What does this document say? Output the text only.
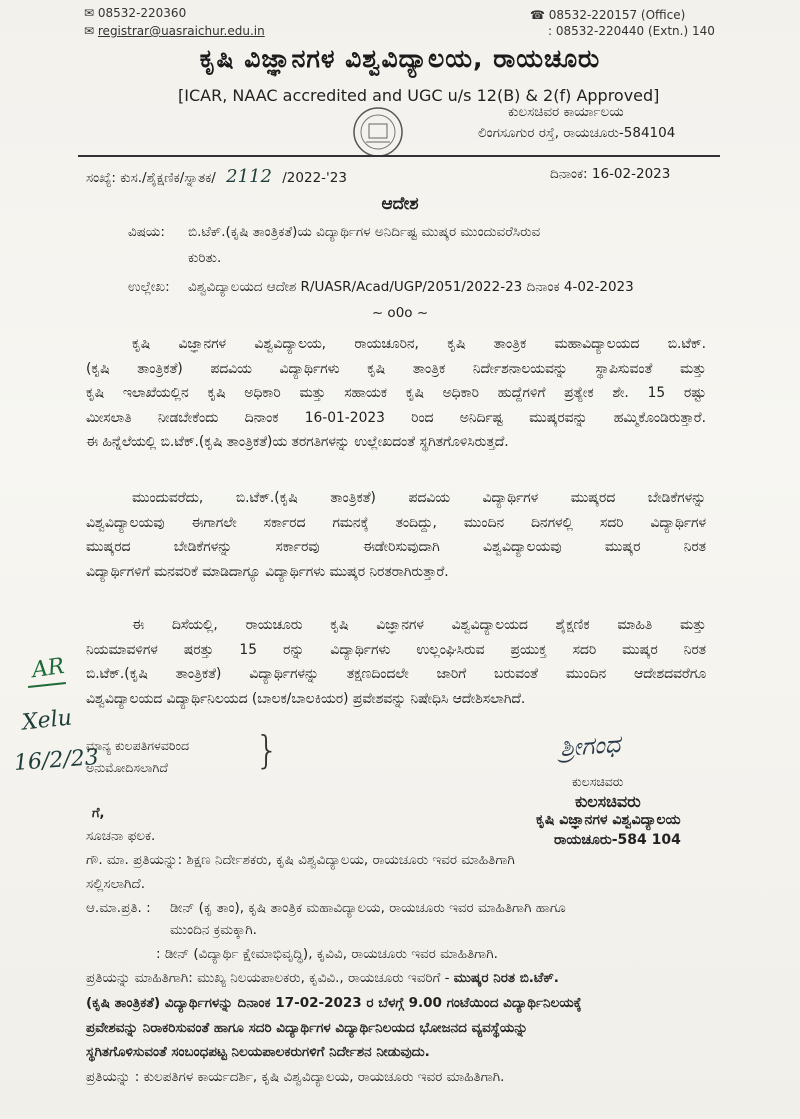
✉ 08532-220360
✉ registrar@uasraichur.edu.in
☎ 08532-220157 (Office)
: 08532-220440 (Extn.) 140
ಕೃಷಿ ವಿಜ್ಞಾನಗಳ ವಿಶ್ವವಿದ್ಯಾಲಯ, ರಾಯಚೂರು
[ICAR, NAAC accredited and UGC u/s 12(B) & 2(f) Approved]
ಕುಲಸಚಿವರ ಕಾರ್ಯಾಲಯ
ಲಿಂಗಸೂಗುರ ರಸ್ತೆ, ರಾಯಚೂರು-584104
ಸಂಖ್ಯೆ: ಕುಸ./ಶೈಕ್ಷಣಿಕ/ಸ್ನಾತಕ/ 2112 /2022-'23	ದಿನಾಂಕ: 16-02-2023
ಆದೇಶ
ವಿಷಯ: ಬಿ.ಟೆಕ್.(ಕೃಷಿ ತಾಂತ್ರಿಕತೆ)ಯ ವಿದ್ಯಾರ್ಥಿಗಳ ಅನಿರ್ದಿಷ್ಟ ಮುಷ್ಕರ ಮುಂದುವರೆಸಿರುವ
ಕುರಿತು.
ಉಲ್ಲೇಖ: ವಿಶ್ವವಿದ್ಯಾಲಯದ ಆದೇಶ R/UASR/Acad/UGP/2051/2022-23 ದಿನಾಂಕ 4-02-2023
~ o0o ~
ಕೃಷಿ ವಿಜ್ಞಾನಗಳ ವಿಶ್ವವಿದ್ಯಾಲಯ, ರಾಯಚೂರಿನ, ಕೃಷಿ ತಾಂತ್ರಿಕ ಮಹಾವಿದ್ಯಾಲಯದ ಬಿ.ಟೆಕ್.
(ಕೃಷಿ ತಾಂತ್ರಿಕತೆ) ಪದವಿಯ ವಿದ್ಯಾರ್ಥಿಗಳು ಕೃಷಿ ತಾಂತ್ರಿಕ ನಿರ್ದೇಶನಾಲಯವನ್ನು ಸ್ಥಾಪಿಸುವಂತೆ ಮತ್ತು
ಕೃಷಿ ಇಲಾಖೆಯಲ್ಲಿನ ಕೃಷಿ ಅಧಿಕಾರಿ ಮತ್ತು ಸಹಾಯಕ ಕೃಷಿ ಅಧಿಕಾರಿ ಹುದ್ದೆಗಳಿಗೆ ಪ್ರತ್ಯೇಕ ಶೇ. 15 ರಷ್ಟು
ಮೀಸಲಾತಿ ನೀಡಬೇಕೆಂದು ದಿನಾಂಕ 16-01-2023 ರಿಂದ ಅನಿರ್ದಿಷ್ಟ ಮುಷ್ಕರವನ್ನು ಹಮ್ಮಿಕೊಂಡಿರುತ್ತಾರೆ.
ಈ ಹಿನ್ನೆಲೆಯಲ್ಲಿ ಬಿ.ಟೆಕ್.(ಕೃಷಿ ತಾಂತ್ರಿಕತೆ)ಯ ತರಗತಿಗಳನ್ನು ಉಲ್ಲೇಖದಂತೆ ಸ್ಥಗಿತಗೊಳಿಸಿರುತ್ತದೆ.
ಮುಂದುವರೆದು, ಬಿ.ಟೆಕ್.(ಕೃಷಿ ತಾಂತ್ರಿಕತೆ) ಪದವಿಯ ವಿದ್ಯಾರ್ಥಿಗಳ ಮುಷ್ಕರದ ಬೇಡಿಕೆಗಳನ್ನು
ವಿಶ್ವವಿದ್ಯಾಲಯವು ಈಗಾಗಲೇ ಸರ್ಕಾರದ ಗಮನಕ್ಕೆ ತಂದಿದ್ದು, ಮುಂದಿನ ದಿನಗಳಲ್ಲಿ ಸದರಿ ವಿದ್ಯಾರ್ಥಿಗಳ
ಮುಷ್ಕರದ ಬೇಡಿಕೆಗಳನ್ನು ಸರ್ಕಾರವು ಈಡೇರಿಸುವುದಾಗಿ ವಿಶ್ವವಿದ್ಯಾಲಯವು ಮುಷ್ಕರ ನಿರತ
ವಿದ್ಯಾರ್ಥಿಗಳಿಗೆ ಮನವರಿಕೆ ಮಾಡಿದಾಗ್ಯೂ ವಿದ್ಯಾರ್ಥಿಗಳು ಮುಷ್ಕರ ನಿರತರಾಗಿರುತ್ತಾರೆ.
ಈ ದಿಸೆಯಲ್ಲಿ, ರಾಯಚೂರು ಕೃಷಿ ವಿಜ್ಞಾನಗಳ ವಿಶ್ವವಿದ್ಯಾಲಯದ ಶೈಕ್ಷಣಿಕ ಮಾಹಿತಿ ಮತ್ತು
ನಿಯಮಾವಳಿಗಳ ಷರತ್ತು 15 ರನ್ನು ವಿದ್ಯಾರ್ಥಿಗಳು ಉಲ್ಲಂಘಿಸಿರುವ ಪ್ರಯುಕ್ತ ಸದರಿ ಮುಷ್ಕರ ನಿರತ
ಬಿ.ಟೆಕ್.(ಕೃಷಿ ತಾಂತ್ರಿಕತೆ) ವಿದ್ಯಾರ್ಥಿಗಳನ್ನು ತಕ್ಷಣದಿಂದಲೇ ಜಾರಿಗೆ ಬರುವಂತೆ ಮುಂದಿನ ಆದೇಶದವರೆಗೂ
ವಿಶ್ವವಿದ್ಯಾಲಯದ ವಿದ್ಯಾರ್ಥಿನಿಲಯದ (ಬಾಲಕ/ಬಾಲಕಿಯರ) ಪ್ರವೇಶವನ್ನು ನಿಷೇಧಿಸಿ ಆದೇಶಿಸಲಾಗಿದೆ.
AR
Xelu
16/2/23
ಮಾನ್ಯ ಕುಲಪತಿಗಳವರಿಂದ
ಅನುಮೋದಿಸಲಾಗಿದೆ }	ಶ್ರೀಗಂಧ
ಕುಲಸಚಿವರು
ಕುಲಸಚಿವರು
ಕೃಷಿ ವಿಜ್ಞಾನಗಳ ವಿಶ್ವವಿದ್ಯಾಲಯ
ರಾಯಚೂರು-584 104
ಗೆ,
ಸೂಚನಾ ಫಲಕ.
ಗೌ. ಮಾ. ಪ್ರತಿಯನ್ನು: ಶಿಕ್ಷಣ ನಿರ್ದೇಶಕರು, ಕೃಷಿ ವಿಶ್ವವಿದ್ಯಾಲಯ, ರಾಯಚೂರು ಇವರ ಮಾಹಿತಿಗಾಗಿ
ಸಲ್ಲಿಸಲಾಗಿದೆ.
ಆ.ಮಾ.ಪ್ರತಿ. : ಡೀನ್ (ಕೃ ತಾಂ), ಕೃಷಿ ತಾಂತ್ರಿಕ ಮಹಾವಿದ್ಯಾಲಯ, ರಾಯಚೂರು ಇವರ ಮಾಹಿತಿಗಾಗಿ ಹಾಗೂ
ಮುಂದಿನ ಕ್ರಮಕ್ಕಾಗಿ.
: ಡೀನ್ (ವಿದ್ಯಾರ್ಥಿ ಕ್ಷೇಮಾಭಿವೃದ್ಧಿ), ಕೃವಿವಿ, ರಾಯಚೂರು ಇವರ ಮಾಹಿತಿಗಾಗಿ.
ಪ್ರತಿಯನ್ನು ಮಾಹಿತಿಗಾಗಿ: ಮುಖ್ಯ ನಿಲಯಪಾಲಕರು, ಕೃವಿವಿ., ರಾಯಚೂರು ಇವರಿಗೆ - ಮುಷ್ಕರ ನಿರತ ಬಿ.ಟೆಕ್.
(ಕೃಷಿ ತಾಂತ್ರಿಕತೆ) ವಿದ್ಯಾರ್ಥಿಗಳನ್ನು ದಿನಾಂಕ 17-02-2023 ರ ಬೆಳಗ್ಗೆ 9.00 ಗಂಟೆಯಿಂದ ವಿದ್ಯಾರ್ಥಿನಿಲಯಕ್ಕೆ
ಪ್ರವೇಶವನ್ನು ನಿರಾಕರಿಸುವಂತೆ ಹಾಗೂ ಸದರಿ ವಿದ್ಯಾರ್ಥಿಗಳ ವಿದ್ಯಾರ್ಥಿನಿಲಯದ ಭೋಜನದ ವ್ಯವಸ್ಥೆಯನ್ನು
ಸ್ಥಗಿತಗೊಳಿಸುವಂತೆ ಸಂಬಂಧಪಟ್ಟ ನಿಲಯಪಾಲಕರುಗಳಿಗೆ ನಿರ್ದೇಶನ ನೀಡುವುದು.
ಪ್ರತಿಯನ್ನು : ಕುಲಪತಿಗಳ ಕಾರ್ಯದರ್ಶಿ, ಕೃಷಿ ವಿಶ್ವವಿದ್ಯಾಲಯ, ರಾಯಚೂರು ಇವರ ಮಾಹಿತಿಗಾಗಿ.
